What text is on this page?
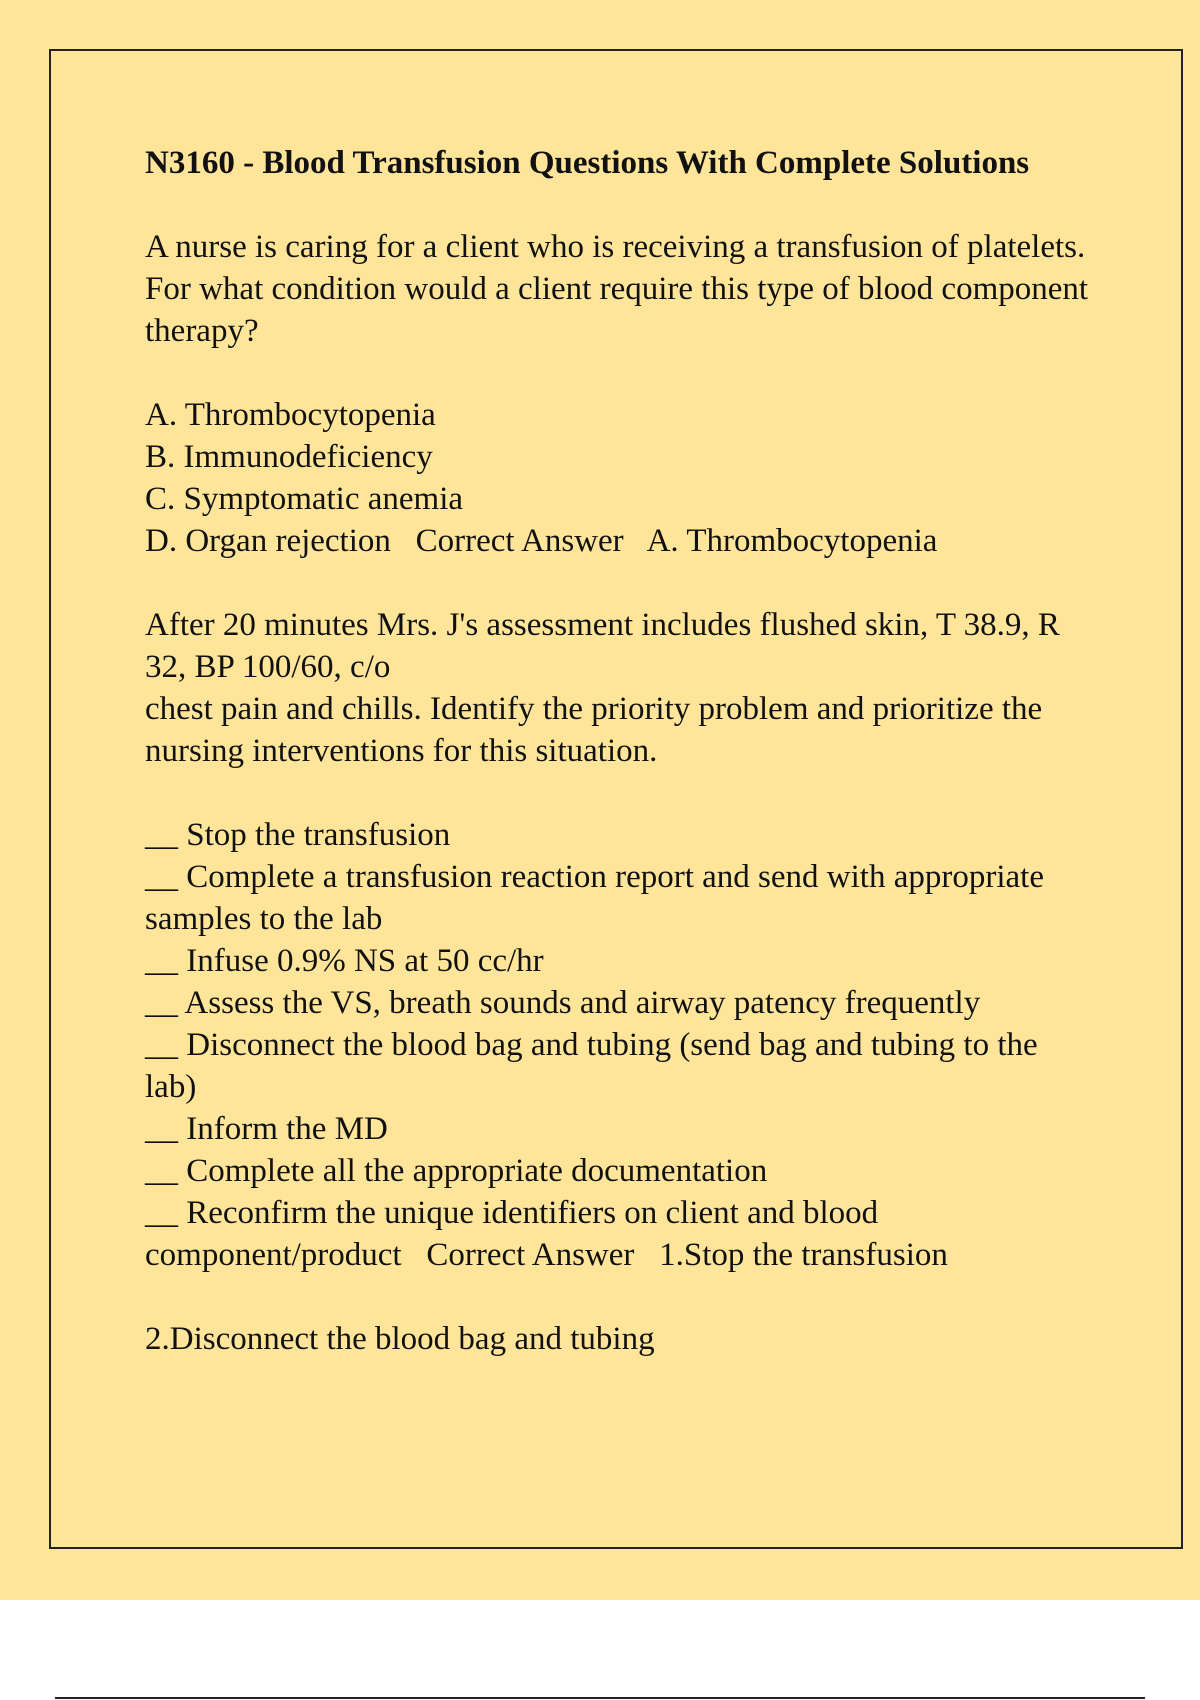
N3160 - Blood Transfusion Questions With Complete Solutions
A nurse is caring for a client who is receiving a transfusion of platelets. For what condition would a client require this type of blood component therapy?
A. Thrombocytopenia
B. Immunodeficiency
C. Symptomatic anemia
D. Organ rejection   Correct Answer   A. Thrombocytopenia
After 20 minutes Mrs. J's assessment includes flushed skin, T 38.9, R 32, BP 100/60, c/o
chest pain and chills. Identify the priority problem and prioritize the nursing interventions for this situation.
__ Stop the transfusion
__ Complete a transfusion reaction report and send with appropriate samples to the lab
__ Infuse 0.9% NS at 50 cc/hr
__ Assess the VS, breath sounds and airway patency frequently
__ Disconnect the blood bag and tubing (send bag and tubing to the lab)
__ Inform the MD
__ Complete all the appropriate documentation
__ Reconfirm the unique identifiers on client and blood component/product   Correct Answer   1.Stop the transfusion
2.Disconnect the blood bag and tubing
